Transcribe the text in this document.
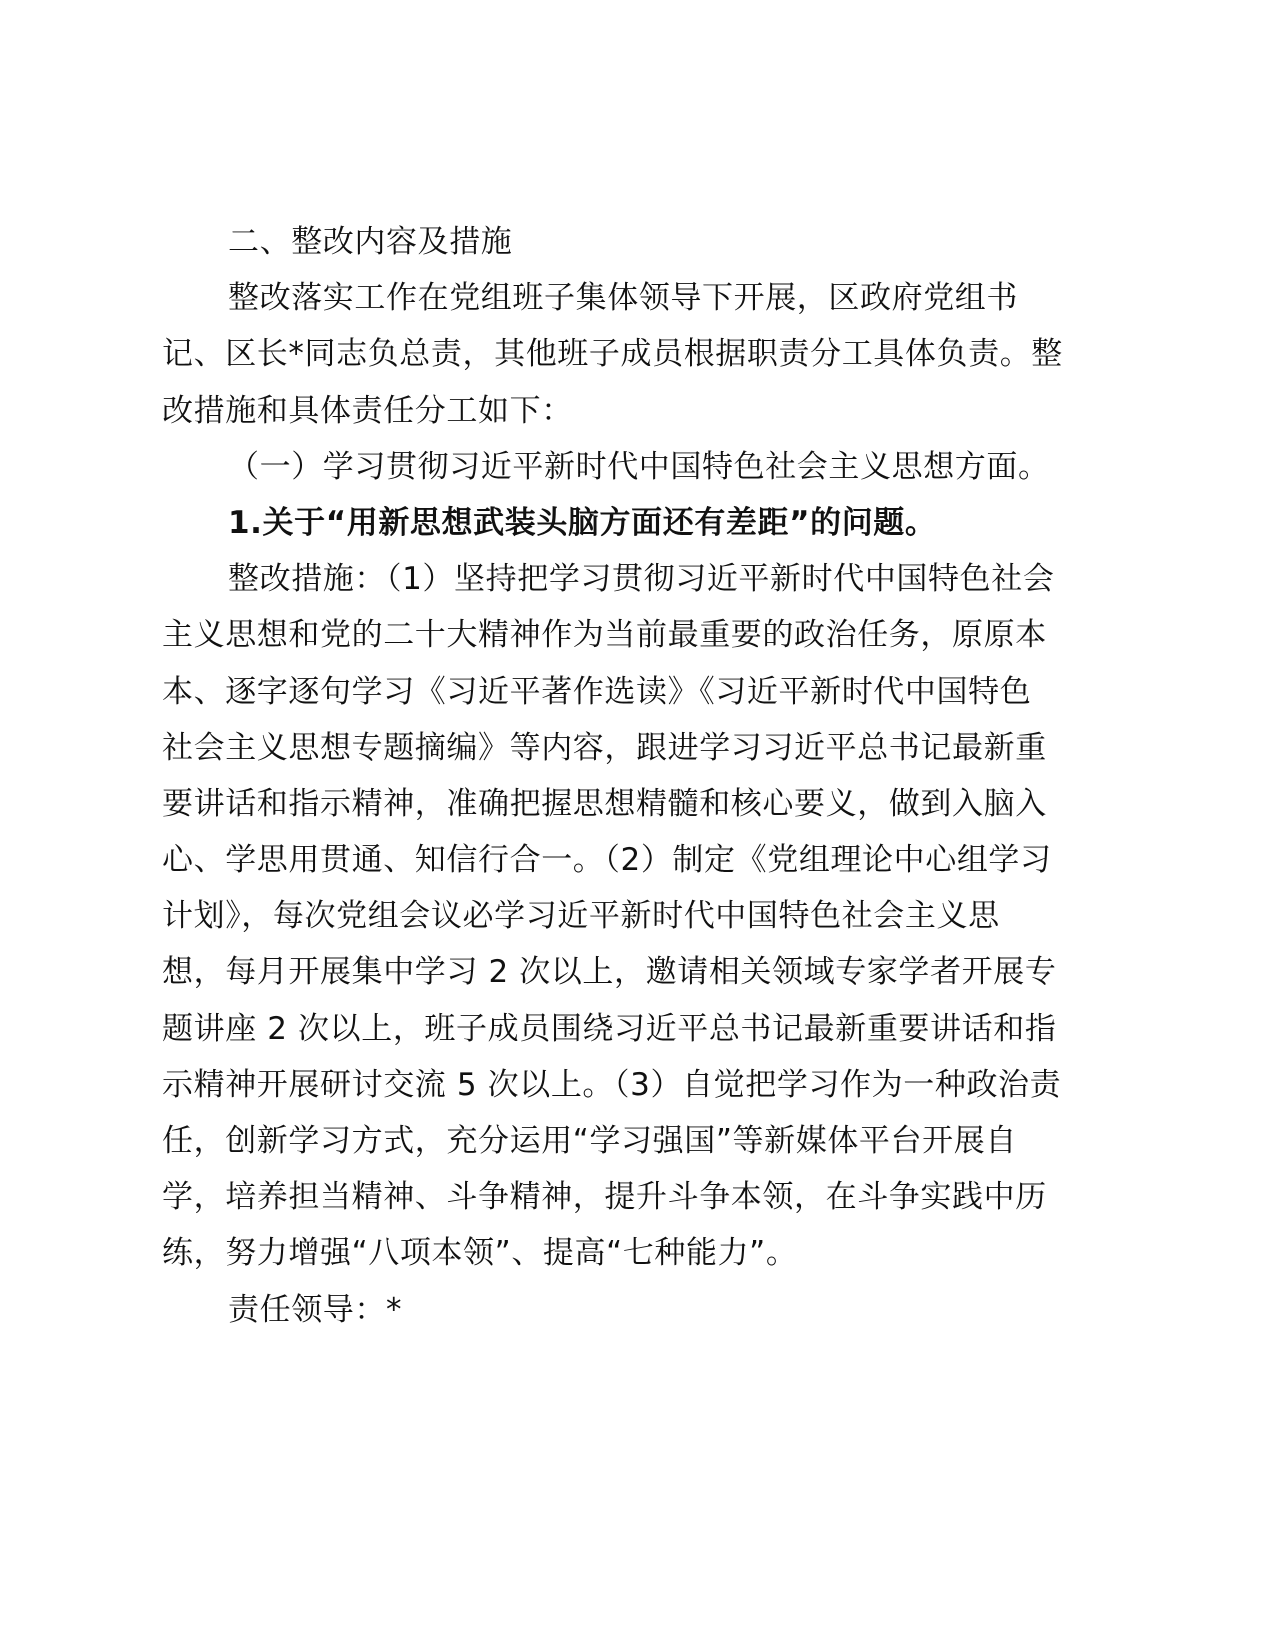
二、整改内容及措施
整改落实工作在党组班子集体领导下开展，区政府党组书
记、区长*同志负总责，其他班子成员根据职责分工具体负责。整
改措施和具体责任分工如下：
（一）学习贯彻习近平新时代中国特色社会主义思想方面。
1.关于“用新思想武装头脑方面还有差距”的问题。
整改措施：（1）坚持把学习贯彻习近平新时代中国特色社会
主义思想和党的二十大精神作为当前最重要的政治任务，原原本
本、逐字逐句学习《习近平著作选读》《习近平新时代中国特色
社会主义思想专题摘编》等内容，跟进学习习近平总书记最新重
要讲话和指示精神，准确把握思想精髓和核心要义，做到入脑入
心、学思用贯通、知信行合一。（2）制定《党组理论中心组学习
计划》，每次党组会议必学习近平新时代中国特色社会主义思
想，每月开展集中学习 2 次以上，邀请相关领域专家学者开展专
题讲座 2 次以上，班子成员围绕习近平总书记最新重要讲话和指
示精神开展研讨交流 5 次以上。（3）自觉把学习作为一种政治责
任，创新学习方式，充分运用“学习强国”等新媒体平台开展自
学，培养担当精神、斗争精神，提升斗争本领，在斗争实践中历
练，努力增强“八项本领”、提高“七种能力”。
责任领导：*
